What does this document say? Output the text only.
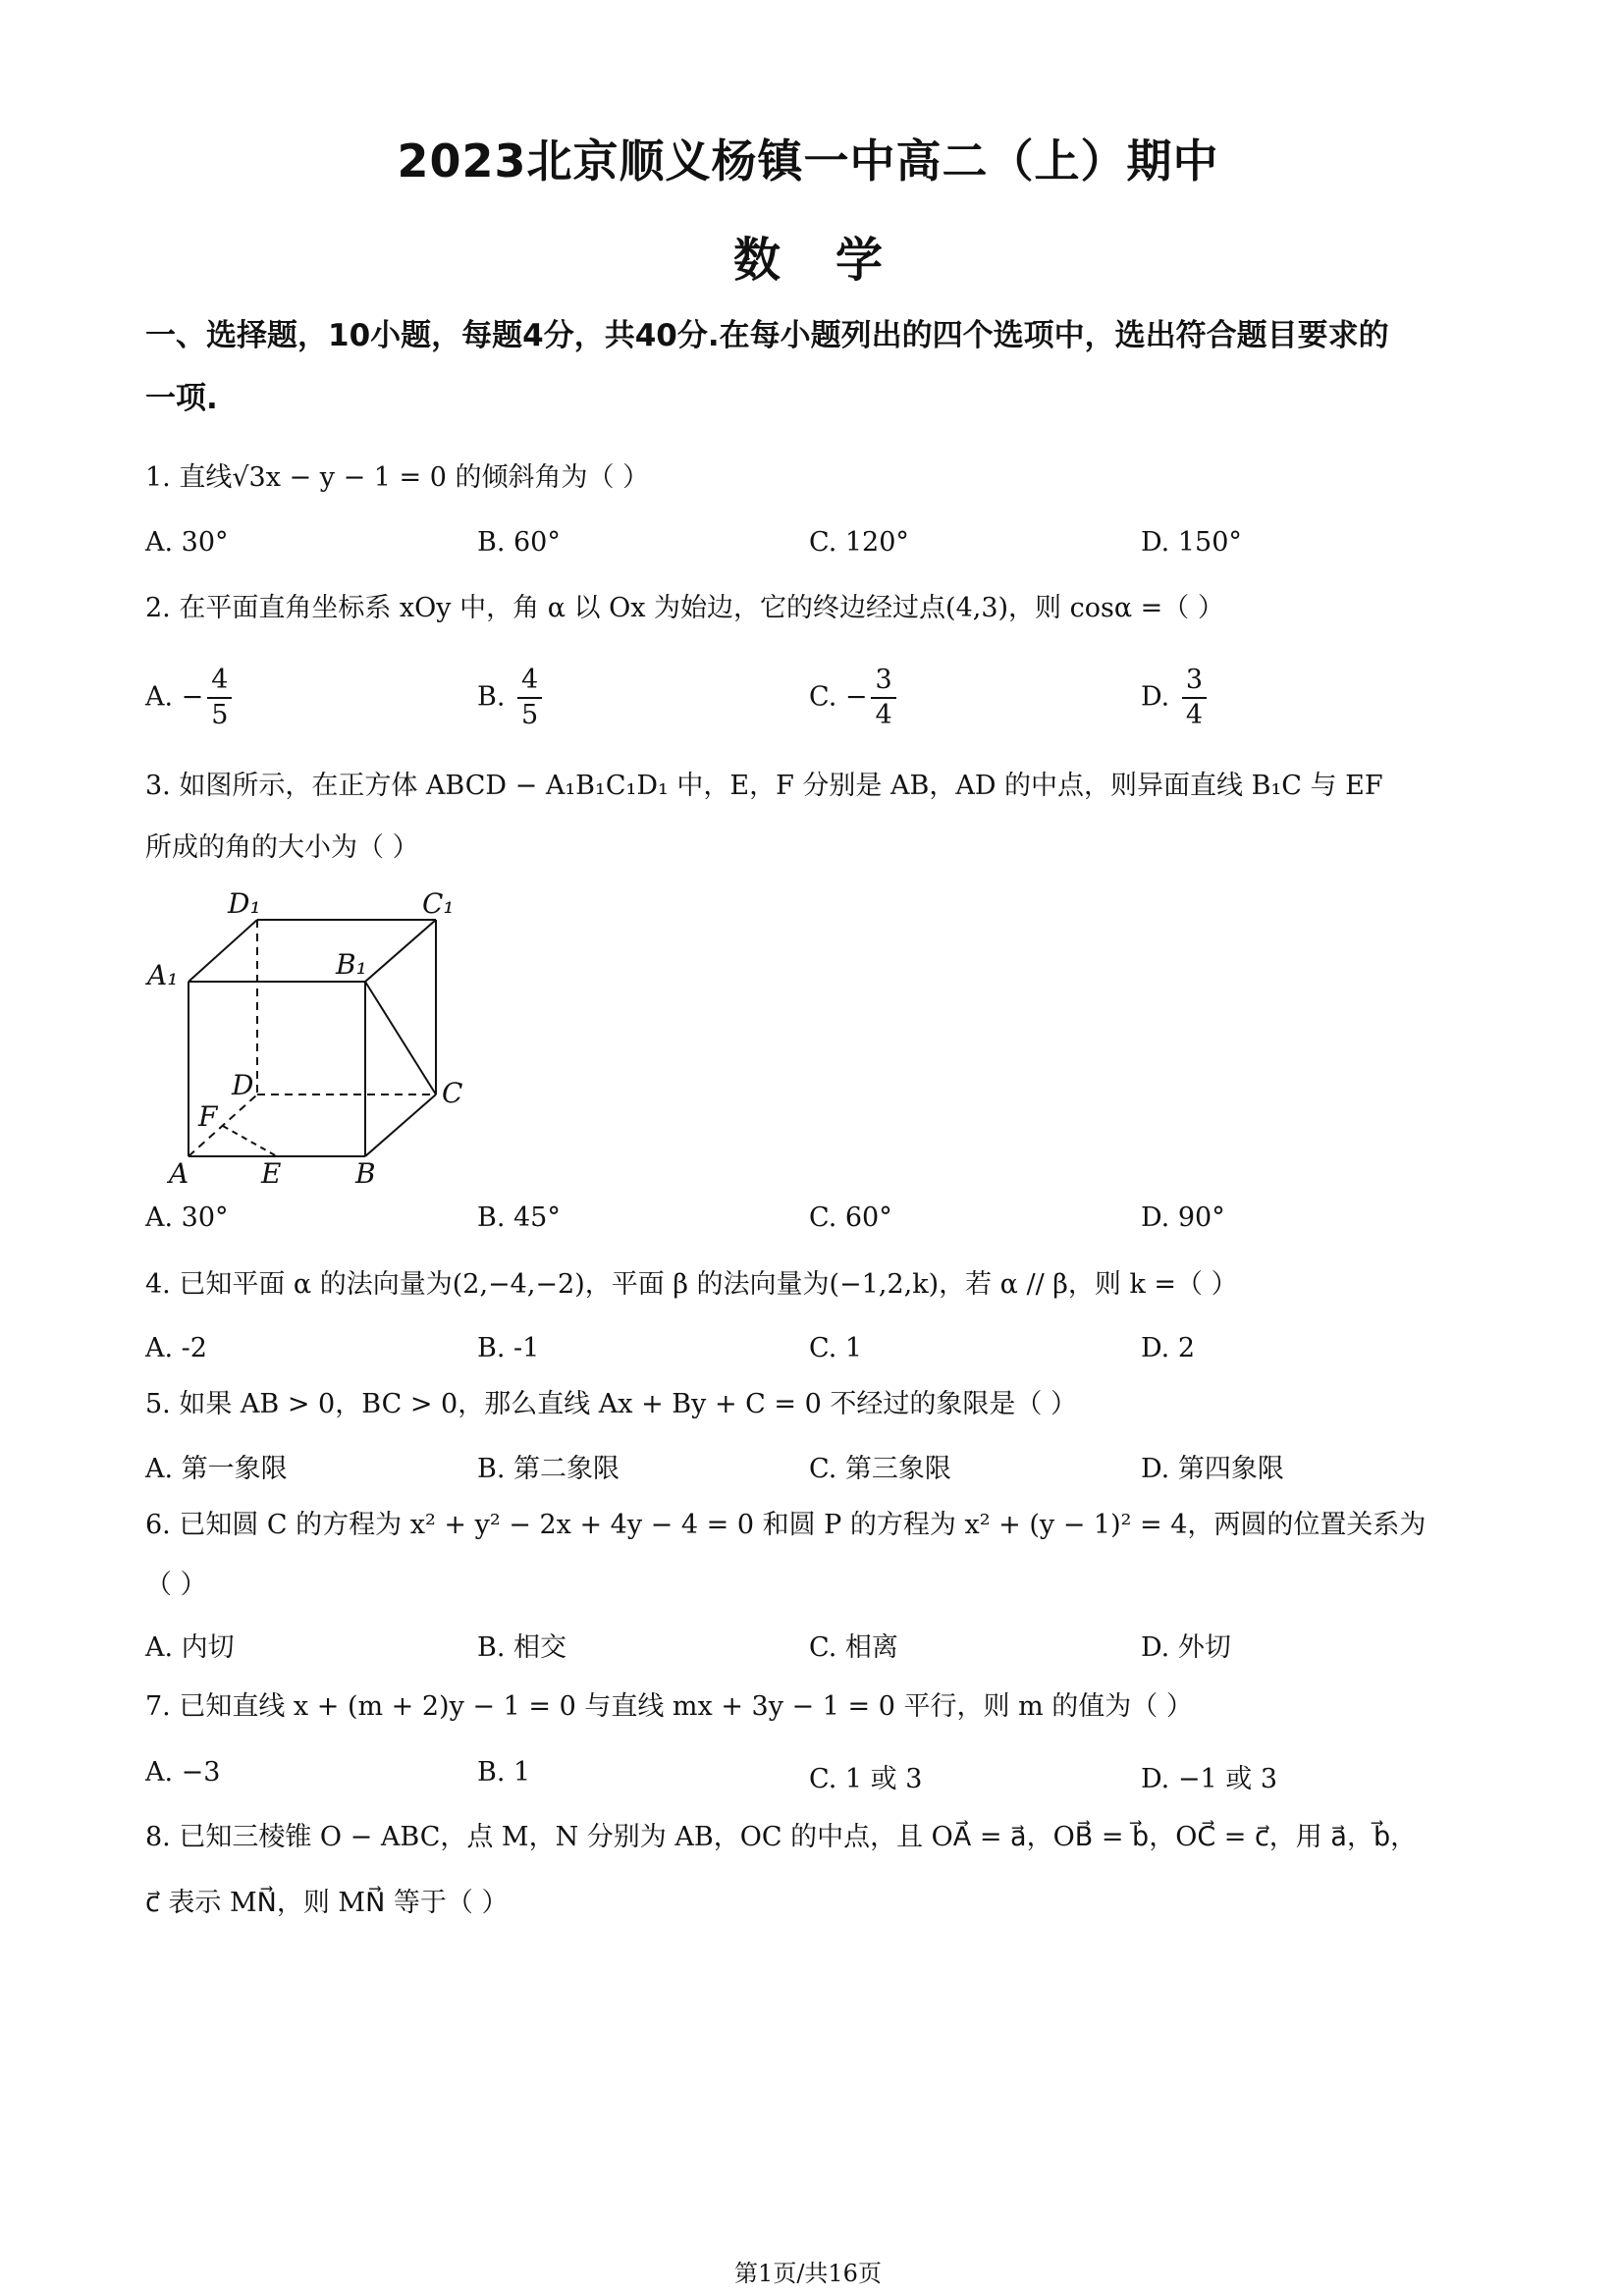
2023北京顺义杨镇一中高二（上）期中
数 学
一、选择题，10小题，每题4分，共40分.在每小题列出的四个选项中，选出符合题目要求的
一项.
1. 直线√3x − y − 1 = 0 的倾斜角为（ ）
A. 30°	B. 60°	C. 120°	D. 150°
2. 在平面直角坐标系 xOy 中，角 α 以 Ox 为始边，它的终边经过点(4,3)，则 cosα =（ ）
A. − $\frac{4}{5}$	B. $\frac{4}{5}$	C. − $\frac{3}{4}$	D. $\frac{3}{4}$
3. 如图所示，在正方体 ABCD − A₁B₁C₁D₁ 中，E，F 分别是 AB，AD 的中点，则异面直线 B₁C 与 EF
所成的角的大小为（ ）
D₁	C₁
B₁
A₁
D	C
F
A	E	B
A. 30°	B. 45°	C. 60°	D. 90°
4. 已知平面 α 的法向量为(2,−4,−2)，平面 β 的法向量为(−1,2,k)，若 α // β，则 k =（ ）
A. -2	B. -1	C. 1	D. 2
5. 如果 AB > 0，BC > 0，那么直线 Ax + By + C = 0 不经过的象限是（ ）
A. 第一象限	B. 第二象限	C. 第三象限	D. 第四象限
6. 已知圆 C 的方程为 x² + y² − 2x + 4y − 4 = 0 和圆 P 的方程为 x² + (y − 1)² = 4，两圆的位置关系为
（ ）
A. 内切	B. 相交	C. 相离	D. 外切
7. 已知直线 x + (m + 2)y − 1 = 0 与直线 mx + 3y − 1 = 0 平行，则 m 的值为（ ）
A. −3	B. 1	C. 1 或 3	D. −1 或 3
8. 已知三棱锥 O − ABC，点 M，N 分别为 AB，OC 的中点，且 OA⃗ = a⃗，OB⃗ = b⃗，OC⃗ = c⃗，用 a⃗，b⃗，
c⃗ 表示 MN⃗，则 MN⃗ 等于（ ）
第1页/共16页
